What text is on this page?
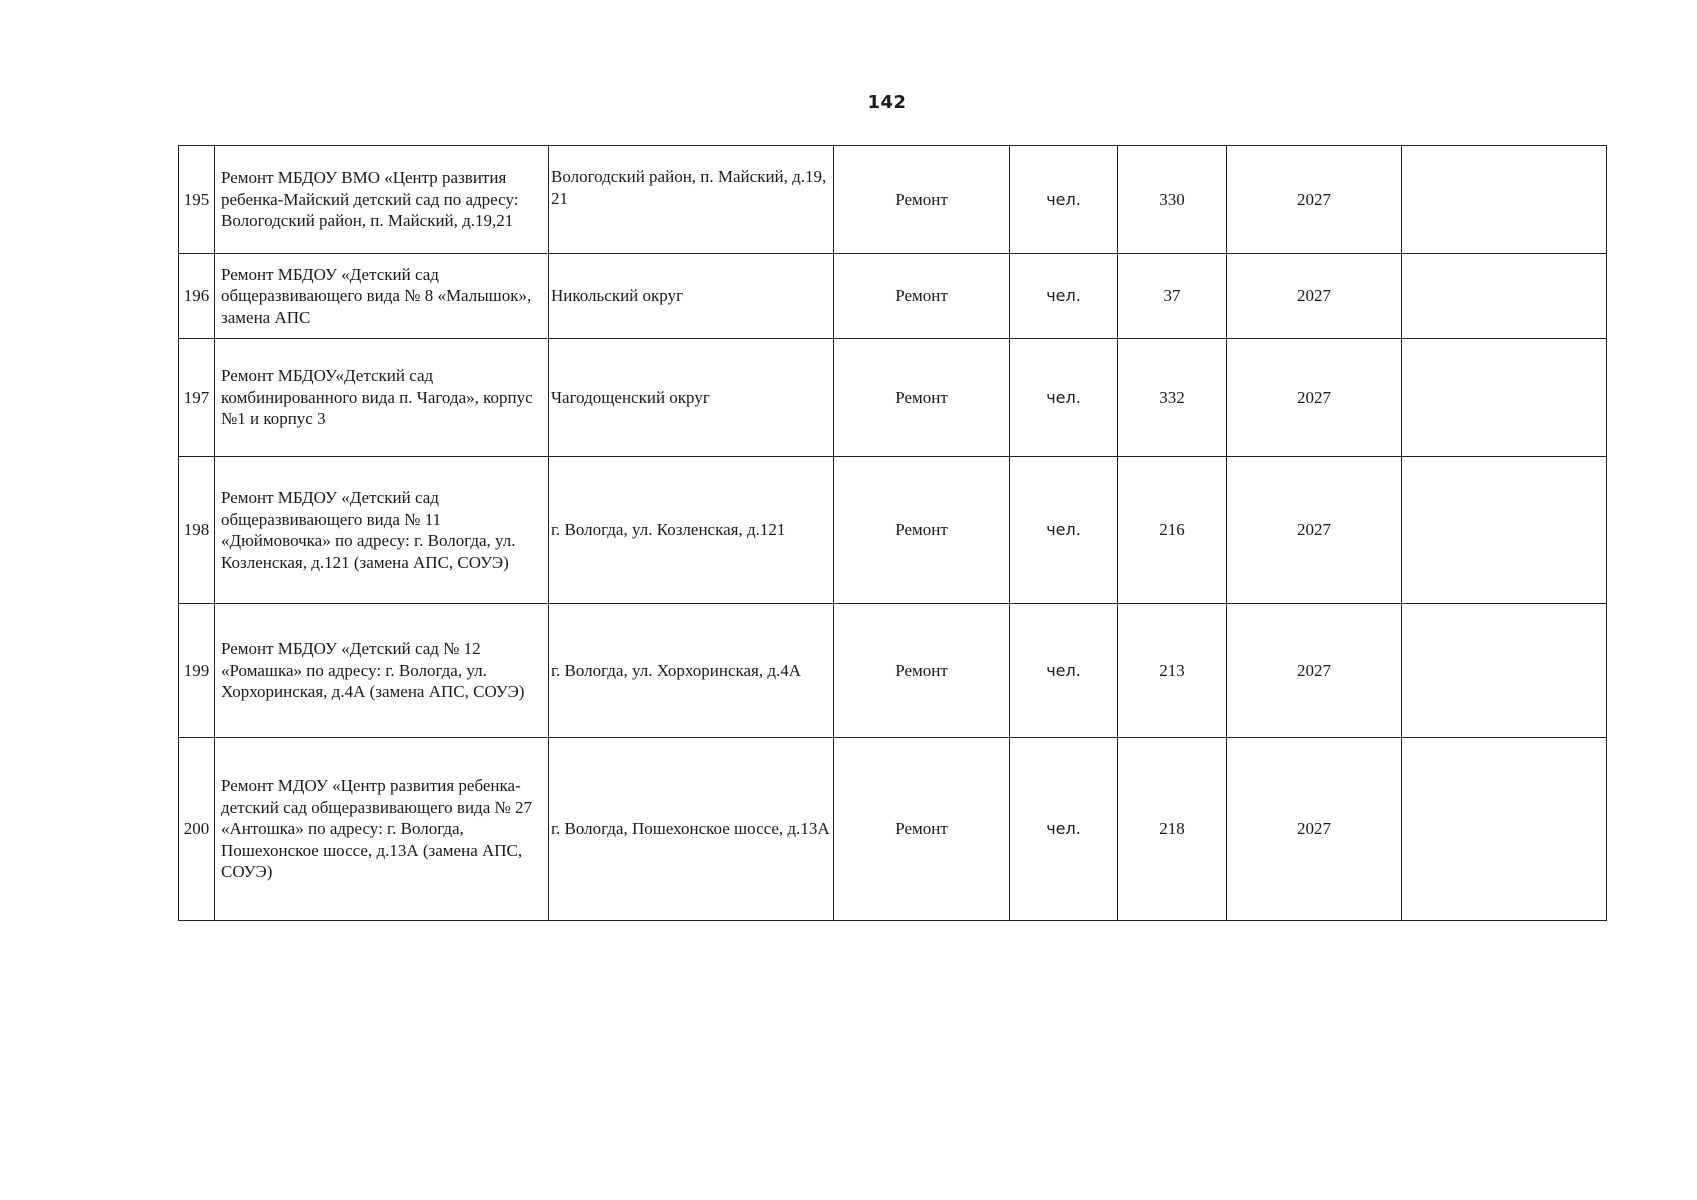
142
195	Ремонт МБДОУ ВМО «Центр развития ребенка-Майский детский сад по адресу: Вологодский район, п. Майский, д.19,21	Вологодский район, п. Майский, д.19, 21	Ремонт	чел.	330	2027	
196	Ремонт МБДОУ «Детский сад общеразвивающего вида № 8 «Малышок», замена АПС	Никольский округ	Ремонт	чел.	37	2027	
197	Ремонт МБДОУ«Детский сад комбинированного вида п. Чагода», корпус №1 и корпус 3	Чагодощенский округ	Ремонт	чел.	332	2027	
198	Ремонт МБДОУ «Детский сад общеразвивающего вида № 11 «Дюймовочка» по адресу: г. Вологда, ул. Козленская, д.121 (замена АПС, СОУЭ)	г. Вологда, ул. Козленская, д.121	Ремонт	чел.	216	2027	
199	Ремонт МБДОУ «Детский сад № 12 «Ромашка» по адресу: г. Вологда, ул. Хорхоринская, д.4А (замена АПС, СОУЭ)	г. Вологда, ул. Хорхоринская, д.4А	Ремонт	чел.	213	2027	
200	Ремонт МДОУ «Центр развития ребенка-детский сад общеразвивающего вида № 27 «Антошка» по адресу: г. Вологда, Пошехонское шоссе, д.13А (замена АПС, СОУЭ)	г. Вологда, Пошехонское шоссе, д.13А	Ремонт	чел.	218	2027	
